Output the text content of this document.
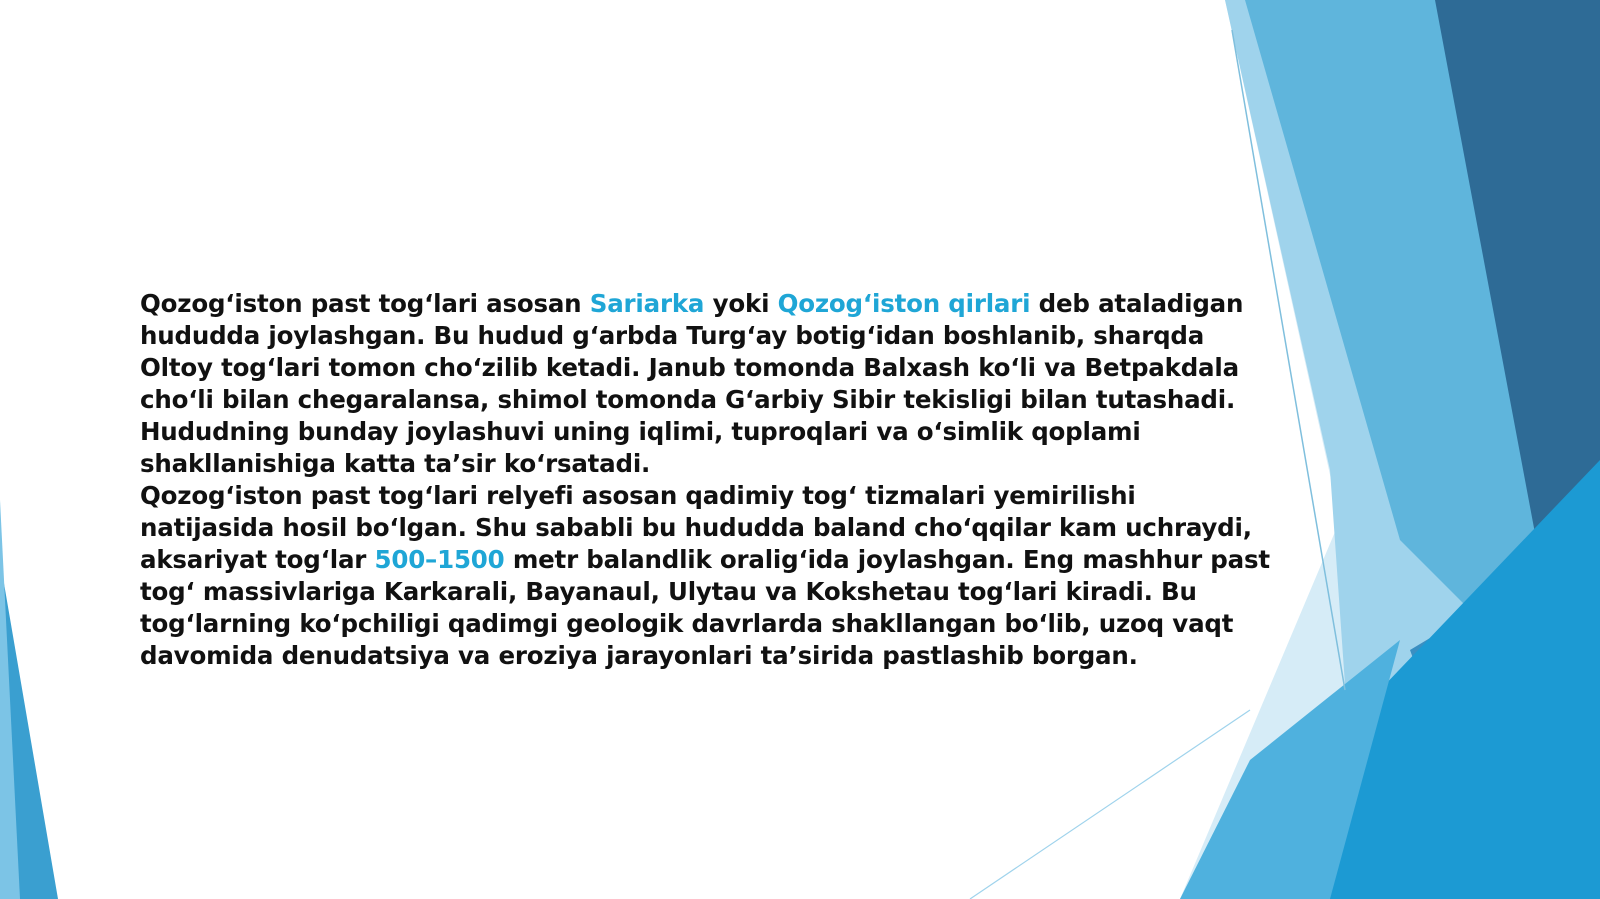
Qozog‘iston past tog‘lari asosan Sariarka yoki Qozog‘iston qirlari deb ataladigan hududda joylashgan. Bu hudud g‘arbda Turg‘ay botig‘idan boshlanib, sharqda Oltoy tog‘lari tomon cho‘zilib ketadi. Janub tomonda Balxash ko‘li va Betpakdala cho‘li bilan chegaralansa, shimol tomonda G‘arbiy Sibir tekisligi bilan tutashadi. Hududning bunday joylashuvi uning iqlimi, tuproqlari va o‘simlik qoplami shakllanishiga katta ta’sir ko‘rsatadi.

Qozog‘iston past tog‘lari relyefi asosan qadimiy tog‘ tizmalari yemirilishi natijasida hosil bo‘lgan. Shu sababli bu hududda baland cho‘qqilar kam uchraydi, aksariyat tog‘lar 500–1500 metr balandlik oralig‘ida joylashgan. Eng mashhur past tog‘ massivlariga Karkarali, Bayanaul, Ulytau va Kokshetau tog‘lari kiradi. Bu tog‘larning ko‘pchiligi qadimgi geologik davrlarda shakllangan bo‘lib, uzoq vaqt davomida denudatsiya va eroziya jarayonlari ta’sirida pastlashib borgan.
